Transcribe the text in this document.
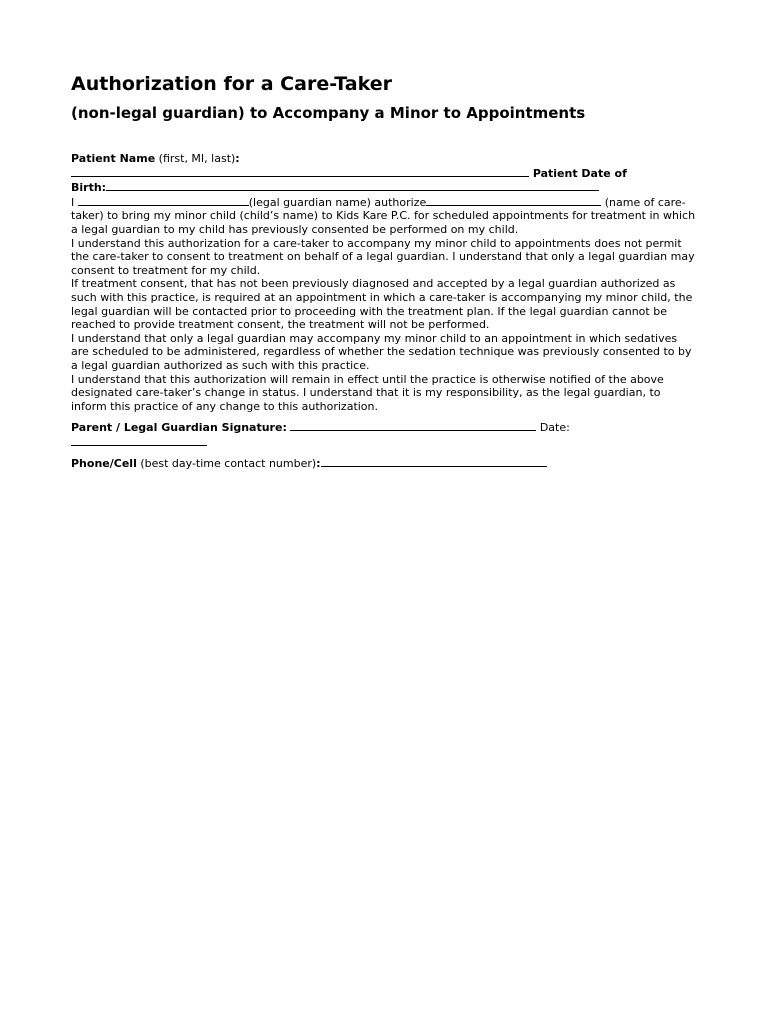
Authorization for a Care-Taker
(non-legal guardian) to Accompany a Minor to Appointments
Patient Name (first, MI, last):
Patient Date of
Birth:

I	(legal guardian name) authorize	(name of care-taker) to bring my minor child (child’s name) to Kids Kare P.C. for scheduled appointments for treatment in which a legal guardian to my child has previously consented be performed on my child.

I understand this authorization for a care-taker to accompany my minor child to appointments does not permit the care-taker to consent to treatment on behalf of a legal guardian. I understand that only a legal guardian may consent to treatment for my child.

If treatment consent, that has not been previously diagnosed and accepted by a legal guardian authorized as such with this practice, is required at an appointment in which a care-taker is accompanying my minor child, the legal guardian will be contacted prior to proceeding with the treatment plan. If the legal guardian cannot be reached to provide treatment consent, the treatment will not be performed.

I understand that only a legal guardian may accompany my minor child to an appointment in which sedatives are scheduled to be administered, regardless of whether the sedation technique was previously consented to by a legal guardian authorized as such with this practice.

I understand that this authorization will remain in effect until the practice is otherwise notified of the above designated care-taker’s change in status. I understand that it is my responsibility, as the legal guardian, to inform this practice of any change to this authorization.

Parent / Legal Guardian Signature:	Date:
Phone/Cell (best day-time contact number):
